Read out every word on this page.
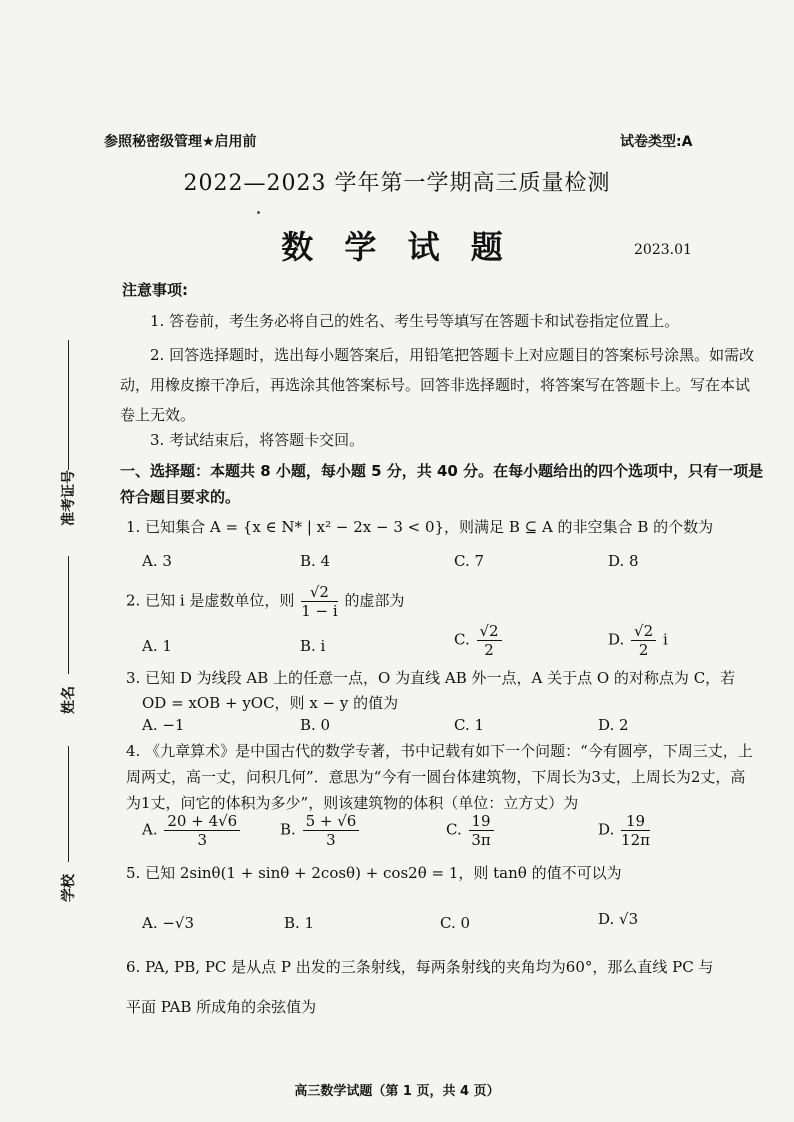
参照秘密级管理★启用前	试卷类型:A
2022—2023 学年第一学期高三质量检测
数 学 试 题	2023.01
准考证号
姓名
学校
注意事项:
1. 答卷前，考生务必将自己的姓名、考生号等填写在答题卡和试卷指定位置上。
2. 回答选择题时，选出每小题答案后，用铅笔把答题卡上对应题目的答案标号涂黑。如需改动，用橡皮擦干净后，再选涂其他答案标号。回答非选择题时，将答案写在答题卡上。写在本试卷上无效。
3. 考试结束后，将答题卡交回。
一、选择题：本题共 8 小题，每小题 5 分，共 40 分。在每小题给出的四个选项中，只有一项是符合题目要求的。
1. 已知集合 A = {x ∈ N* | x² − 2x − 3 < 0}，则满足 B ⊆ A 的非空集合 B 的个数为
A. 3	B. 4	C. 7	D. 8
2. 已知 i 是虚数单位，则 $\frac{√2}{1 - i}$ 的虚部为
A. 1	B. i	C. $\frac{√2}{2}$	D. $\frac{√2}{2}$ i
3. 已知 D 为线段 AB 上的任意一点，O 为直线 AB 外一点，A 关于点 O 的对称点为 C，若
OD = xOB + yOC，则 x − y 的值为
A. −1	B. 0	C. 1	D. 2
4. 《九章算术》是中国古代的数学专著，书中记载有如下一个问题：“今有圆亭，下周三丈，上周两丈，高一丈，问积几何”．意思为“今有一圆台体建筑物，下周长为3丈，上周长为2丈，高为1丈，问它的体积为多少”，则该建筑物的体积（单位：立方丈）为
A. $\frac{20 + 4√6}{3}$	B. $\frac{5 + √6}{3}$	C. $\frac{19}{3\pi}$	D. $\frac{19}{12\pi}$
5. 已知 2sinθ(1 + sinθ + 2cosθ) + cos2θ = 1，则 tanθ 的值不可以为
A. −√3	B. 1	C. 0	D. √3
6. PA, PB, PC 是从点 P 出发的三条射线，每两条射线的夹角均为60°，那么直线 PC 与
平面 PAB 所成角的余弦值为
高三数学试题（第 1 页，共 4 页）
